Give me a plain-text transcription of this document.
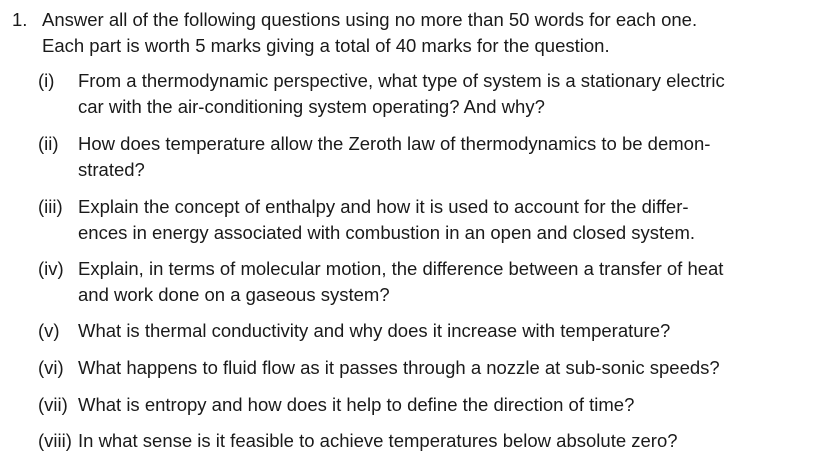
1. Answer all of the following questions using no more than 50 words for each one.
Each part is worth 5 marks giving a total of 40 marks for the question.
(i) From a thermodynamic perspective, what type of system is a stationary electric
car with the air-conditioning system operating? And why?
(ii) How does temperature allow the Zeroth law of thermodynamics to be demon-
strated?
(iii) Explain the concept of enthalpy and how it is used to account for the differ-
ences in energy associated with combustion in an open and closed system.
(iv) Explain, in terms of molecular motion, the difference between a transfer of heat
and work done on a gaseous system?
(v) What is thermal conductivity and why does it increase with temperature?
(vi) What happens to fluid flow as it passes through a nozzle at sub-sonic speeds?
(vii) What is entropy and how does it help to define the direction of time?
(viii) In what sense is it feasible to achieve temperatures below absolute zero?
